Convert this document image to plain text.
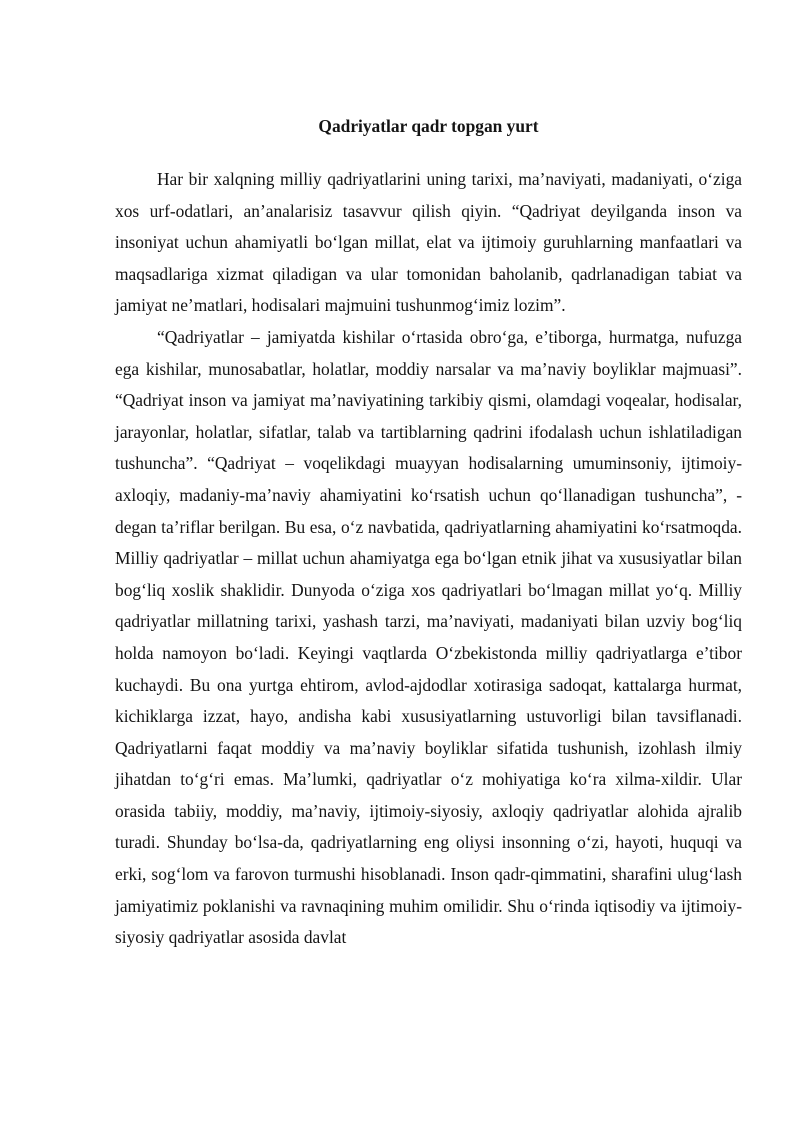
Qadriyatlar qadr topgan yurt

Har bir xalqning milliy qadriyatlarini uning tarixi, ma’naviyati, madaniyati, o‘ziga xos urf-odatlari, an’analarisiz tasavvur qilish qiyin. “Qadriyat deyilganda inson va insoniyat uchun ahamiyatli bo‘lgan millat, elat va ijtimoiy guruhlarning manfaatlari va maqsadlariga xizmat qiladigan va ular tomonidan baholanib, qadrlanadigan tabiat va jamiyat ne’matlari, hodisalari majmuini tushunmog‘imiz lozim”.

“Qadriyatlar – jamiyatda kishilar o‘rtasida obro‘ga, e’tiborga, hurmatga, nufuzga ega kishilar, munosabatlar, holatlar, moddiy narsalar va ma’naviy boyliklar majmuasi”. “Qadriyat inson va jamiyat ma’naviyatining tarkibiy qismi, olamdagi voqealar, hodisalar, jarayonlar, holatlar, sifatlar, talab va tartiblarning qadrini ifodalash uchun ishlatiladigan tushuncha”. “Qadriyat – voqelikdagi muayyan hodisalarning umuminsoniy, ijtimoiy-axloqiy, madaniy-ma’naviy ahamiyatini ko‘rsatish uchun qo‘llanadigan tushuncha”, - degan ta’riflar berilgan. Bu esa, o‘z navbatida, qadriyatlarning ahamiyatini ko‘rsatmoqda. Milliy qadriyatlar – millat uchun ahamiyatga ega bo‘lgan etnik jihat va xususiyatlar bilan bog‘liq xoslik shaklidir. Dunyoda o‘ziga xos qadriyatlari bo‘lmagan millat yo‘q. Milliy qadriyatlar millatning tarixi, yashash tarzi, ma’naviyati, madaniyati bilan uzviy bog‘liq holda namoyon bo‘ladi. Keyingi vaqtlarda O‘zbekistonda milliy qadriyatlarga e’tibor kuchaydi. Bu ona yurtga ehtirom, avlod-ajdodlar xotirasiga sadoqat, kattalarga hurmat, kichiklarga izzat, hayo, andisha kabi xususiyatlarning ustuvorligi bilan tavsiflanadi. Qadriyatlarni faqat moddiy va ma’naviy boyliklar sifatida tushunish, izohlash ilmiy jihatdan to‘g‘ri emas. Ma’lumki, qadriyatlar o‘z mohiyatiga ko‘ra xilma-xildir. Ular orasida tabiiy, moddiy, ma’naviy, ijtimoiy-siyosiy, axloqiy qadriyatlar alohida ajralib turadi. Shunday bo‘lsa-da, qadriyatlarning eng oliysi insonning o‘zi, hayoti, huquqi va erki, sog‘lom va farovon turmushi hisoblanadi. Inson qadr-qimmatini, sharafini ulug‘lash jamiyatimiz poklanishi va ravnaqining muhim omilidir. Shu o‘rinda iqtisodiy va ijtimoiy-siyosiy qadriyatlar asosida davlat
